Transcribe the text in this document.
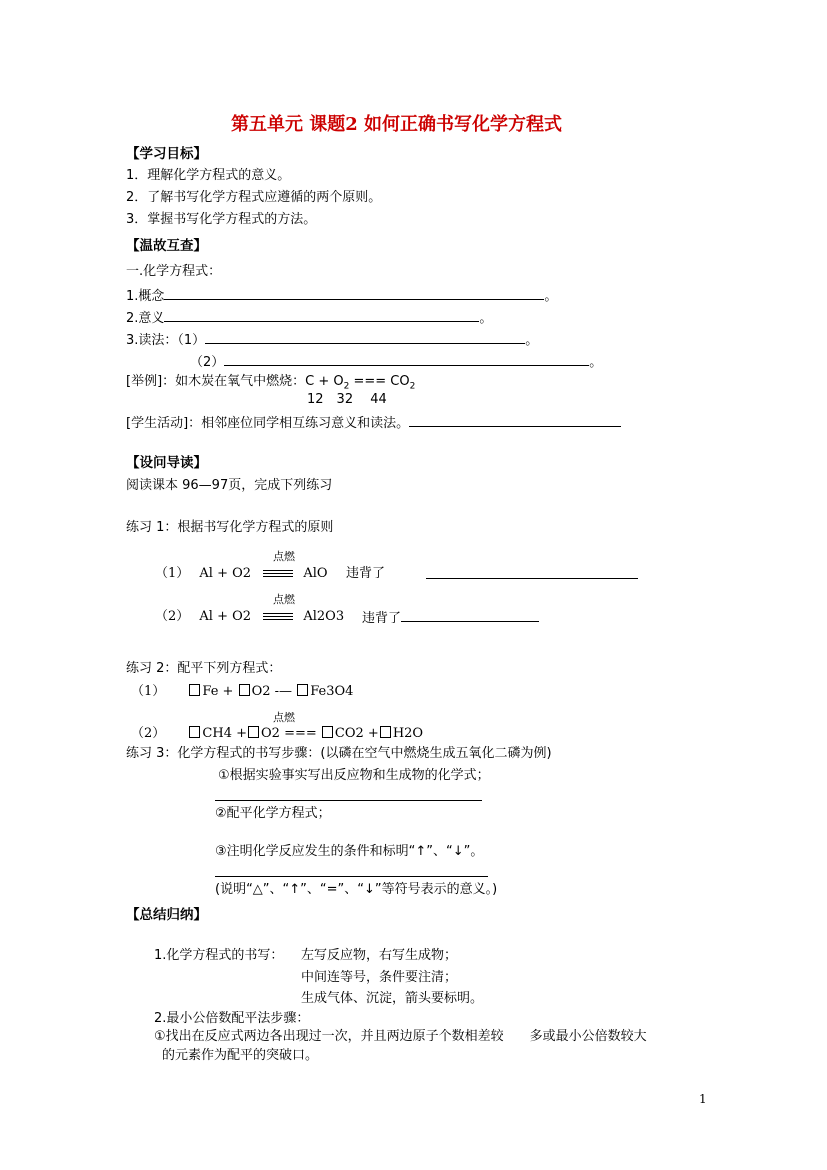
第五单元 课题2 如何正确书写化学方程式
【学习目标】
1．理解化学方程式的意义。
2．了解书写化学方程式应遵循的两个原则。
3．掌握书写化学方程式的方法。
【温故互查】
一.化学方程式：
1.概念	。
2.意义	。
3.读法：（1）	。
（2）	。
[举例]：如木炭在氧气中燃烧：$C + O_2$ === $CO_2$
12　32　 44
[学生活动]：相邻座位同学相互练习意义和读法。
【设问导读】
阅读课本 96—97页，完成下列练习
练习 1：根据书写化学方程式的原则
点燃
（1） Al + O2	AlO 违背了
点燃
（2） Al + O2	Al2O3 违背了
练习 2：配平下列方程式：
（1）	Fe + O2 -— Fe3O4
点燃
（2）	CH4 + O2 === CO2 + H2O
练习 3：化学方程式的书写步骤：(以磷在空气中燃烧生成五氧化二磷为例)
①根据实验事实写出反应物和生成物的化学式；
②配平化学方程式；
③注明化学反应发生的条件和标明“↑”、“↓”。
(说明“△”、“↑”、“=”、“↓”等符号表示的意义。)
【总结归纳】
1.化学方程式的书写： 左写反应物，右写生成物；
中间连等号，条件要注清；
生成气体、沉淀，箭头要标明。
2.最小公倍数配平法步骤：
①找出在反应式两边各出现过一次，并且两边原子个数相差较　　多或最小公倍数较大
的元素作为配平的突破口。
1
